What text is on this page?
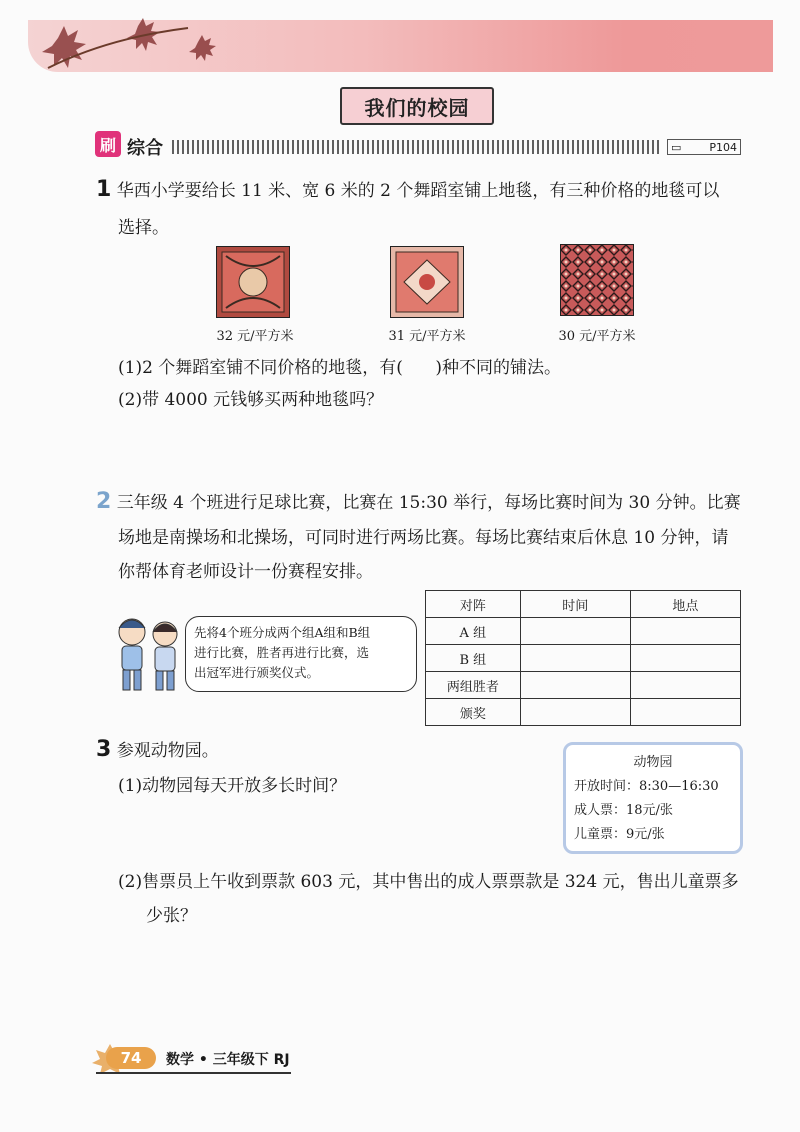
我们的校园
刷 综合	▭	P104
1 华西小学要给长 11 米、宽 6 米的 2 个舞蹈室铺上地毯，有三种价格的地毯可以
选择。
32 元/平方米	31 元/平方米	30 元/平方米
(1)2 个舞蹈室铺不同价格的地毯，有(      )种不同的铺法。
(2)带 4000 元钱够买两种地毯吗？
2 三年级 4 个班进行足球比赛，比赛在 15:30 举行，每场比赛时间为 30 分钟。比赛
场地是南操场和北操场，可同时进行两场比赛。每场比赛结束后休息 10 分钟，请
你帮体育老师设计一份赛程安排。
先将4个班分成两个组A组和B组
进行比赛，胜者再进行比赛，选
出冠军进行颁奖仪式。
对阵	时间	地点
A 组		
B 组		
两组胜者		
颁奖		
3 参观动物园。
(1)动物园每天开放多长时间？
动物园
开放时间：8:30—16:30
成人票：18元/张
儿童票：9元/张
(2)售票员上午收到票款 603 元，其中售出的成人票票款是 324 元，售出儿童票多
少张？
74	数学 • 三年级下 RJ
